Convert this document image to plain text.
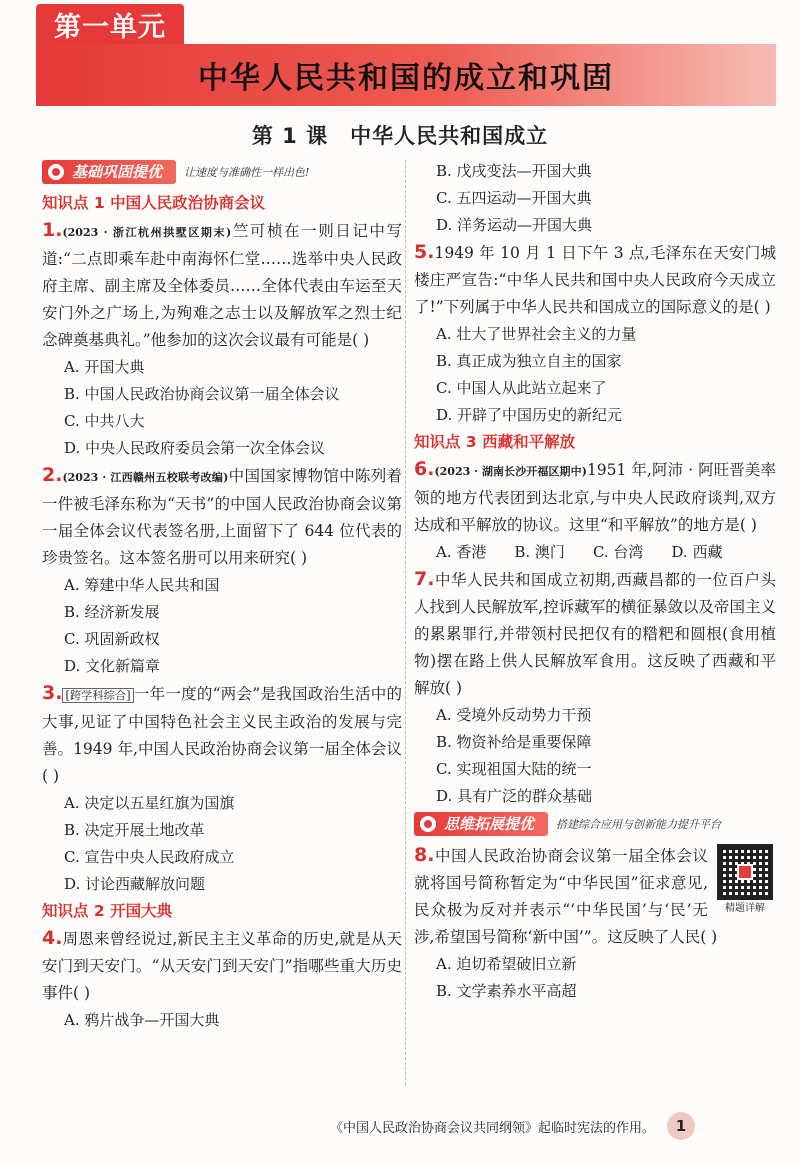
第一单元
中华人民共和国的成立和巩固
第 1 课 中华人民共和国成立
基础巩固提优	让速度与准确性一样出色!

知识点 1 中国人民政治协商会议

1.(2023 · 浙江杭州拱墅区期末)竺可桢在一则日记中写道:“二点即乘车赴中南海怀仁堂……选举中央人民政府主席、副主席及全体委员……全体代表由车运至天安门外之广场上,为殉难之志士以及解放军之烈士纪念碑奠基典礼。”他参加的这次会议最有可能是( )

A. 开国大典

B. 中国人民政治协商会议第一届全体会议

C. 中共八大

D. 中央人民政府委员会第一次全体会议

2.(2023 · 江西赣州五校联考改编)中国国家博物馆中陈列着一件被毛泽东称为“天书”的中国人民政治协商会议第一届全体会议代表签名册,上面留下了 644 位代表的珍贵签名。这本签名册可以用来研究( )

A. 筹建中华人民共和国

B. 经济新发展

C. 巩固新政权

D. 文化新篇章

3. [跨学科综合] 一年一度的“两会”是我国政治生活中的大事,见证了中国特色社会主义民主政治的发展与完善。1949 年,中国人民政治协商会议第一届全体会议( )

A. 决定以五星红旗为国旗

B. 决定开展土地改革

C. 宣告中央人民政府成立

D. 讨论西藏解放问题

知识点 2 开国大典

4.周恩来曾经说过,新民主主义革命的历史,就是从天安门到天安门。“从天安门到天安门”指哪些重大历史事件( )

A. 鸦片战争—开国大典

B. 戊戌变法—开国大典

C. 五四运动—开国大典

D. 洋务运动—开国大典

5.1949 年 10 月 1 日下午 3 点,毛泽东在天安门城楼庄严宣告:“中华人民共和国中央人民政府今天成立了!”下列属于中华人民共和国成立的国际意义的是( )

A. 壮大了世界社会主义的力量

B. 真正成为独立自主的国家

C. 中国人从此站立起来了

D. 开辟了中国历史的新纪元

知识点 3 西藏和平解放

6.(2023 · 湖南长沙开福区期中)1951 年,阿沛 · 阿旺晋美率领的地方代表团到达北京,与中央人民政府谈判,双方达成和平解放的协议。这里“和平解放”的地方是( )

A. 香港 B. 澳门 C. 台湾 D. 西藏

7.中华人民共和国成立初期,西藏昌都的一位百户头人找到人民解放军,控诉藏军的横征暴敛以及帝国主义的累累罪行,并带领村民把仅有的糌粑和圆根(食用植物)摆在路上供人民解放军食用。这反映了西藏和平解放( )

A. 受境外反动势力干预

B. 物资补给是重要保障

C. 实现祖国大陆的统一

D. 具有广泛的群众基础

思维拓展提优	搭建综合应用与创新能力提升平台
精题详解

8.中国人民政治协商会议第一届全体会议就将国号简称暂定为“中华民国”征求意见,民众极为反对并表示“‘中华民国’与‘民’无涉,希望国号简称‘新中国’”。这反映了人民( )

A. 迫切希望破旧立新

B. 文学素养水平高超

《中国人民政治协商会议共同纲领》起临时宪法的作用。	1
